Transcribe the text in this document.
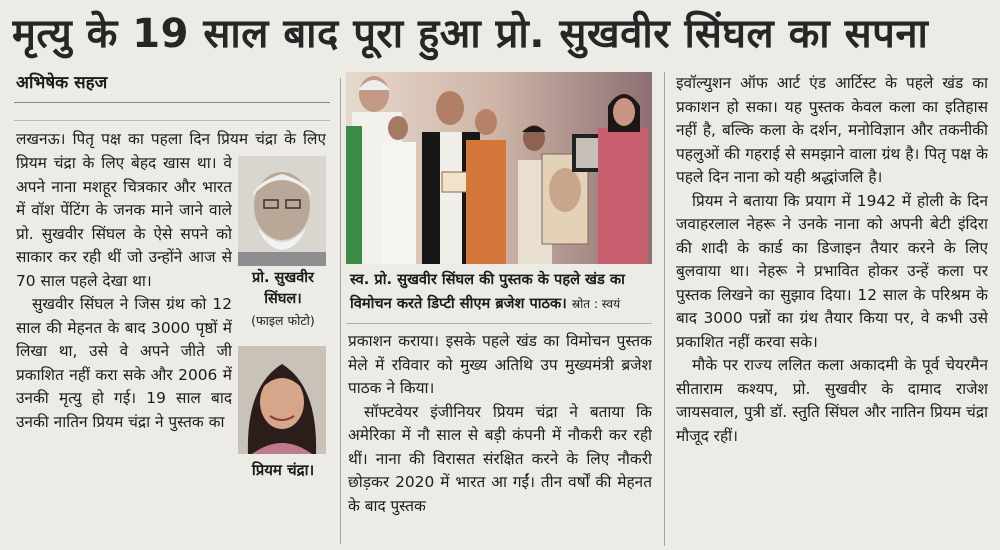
मृत्यु के 19 साल बाद पूरा हुआ प्रो. सुखवीर सिंघल का सपना
अभिषेक सहज

लखनऊ। पितृ पक्ष का पहला दिन प्रियम चंद्रा के लिए

प्रियम चंद्रा के लिए बेहद खास था। वे अपने नाना मशहूर चित्रकार और भारत में वॉश पेंटिंग के जनक माने जाने वाले प्रो. सुखवीर सिंघल के ऐसे सपने को साकार कर रही थीं जो उन्होंने आज से 70 साल पहले देखा था।

सुखवीर सिंघल ने जिस ग्रंथ को 12 साल की मेहनत के बाद 3000 पृष्ठों में लिखा था, उसे वे अपने जीते जी प्रकाशित नहीं करा सके और 2006 में उनकी मृत्यु हो गई। 19 साल बाद उनकी नातिन प्रियम चंद्रा ने पुस्तक का

प्रो. सुखवीर सिंघल।
(फाइल फोटो)
प्रियम चंद्रा।
स्व. प्रो. सुखवीर सिंघल की पुस्तक के पहले खंड का विमोचन करते डिप्टी सीएम ब्रजेश पाठक। स्रोत : स्वयं

प्रकाशन कराया। इसके पहले खंड का विमोचन पुस्तक मेले में रविवार को मुख्य अतिथि उप मुख्यमंत्री ब्रजेश पाठक ने किया।

सॉफ्टवेयर इंजीनियर प्रियम चंद्रा ने बताया कि अमेरिका में नौ साल से बड़ी कंपनी में नौकरी कर रही थीं। नाना की विरासत संरक्षित करने के लिए नौकरी छोड़कर 2020 में भारत आ गईं। तीन वर्षों की मेहनत के बाद पुस्तक

इवॉल्युशन ऑफ आर्ट एंड आर्टिस्ट के पहले खंड का प्रकाशन हो सका। यह पुस्तक केवल कला का इतिहास नहीं है, बल्कि कला के दर्शन, मनोविज्ञान और तकनीकी पहलुओं की गहराई से समझाने वाला ग्रंथ है। पितृ पक्ष के पहले दिन नाना को यही श्रद्धांजलि है।

प्रियम ने बताया कि प्रयाग में 1942 में होली के दिन जवाहरलाल नेहरू ने उनके नाना को अपनी बेटी इंदिरा की शादी के कार्ड का डिजाइन तैयार करने के लिए बुलवाया था। नेहरू ने प्रभावित होकर उन्हें कला पर पुस्तक लिखने का सुझाव दिया। 12 साल के परिश्रम के बाद 3000 पन्नों का ग्रंथ तैयार किया पर, वे कभी उसे प्रकाशित नहीं करवा सके।

मौके पर राज्य ललित कला अकादमी के पूर्व चेयरमैन सीताराम कश्यप, प्रो. सुखवीर के दामाद राजेश जायसवाल, पुत्री डॉ. स्तुति सिंघल और नातिन प्रियम चंद्रा मौजूद रहीं।
